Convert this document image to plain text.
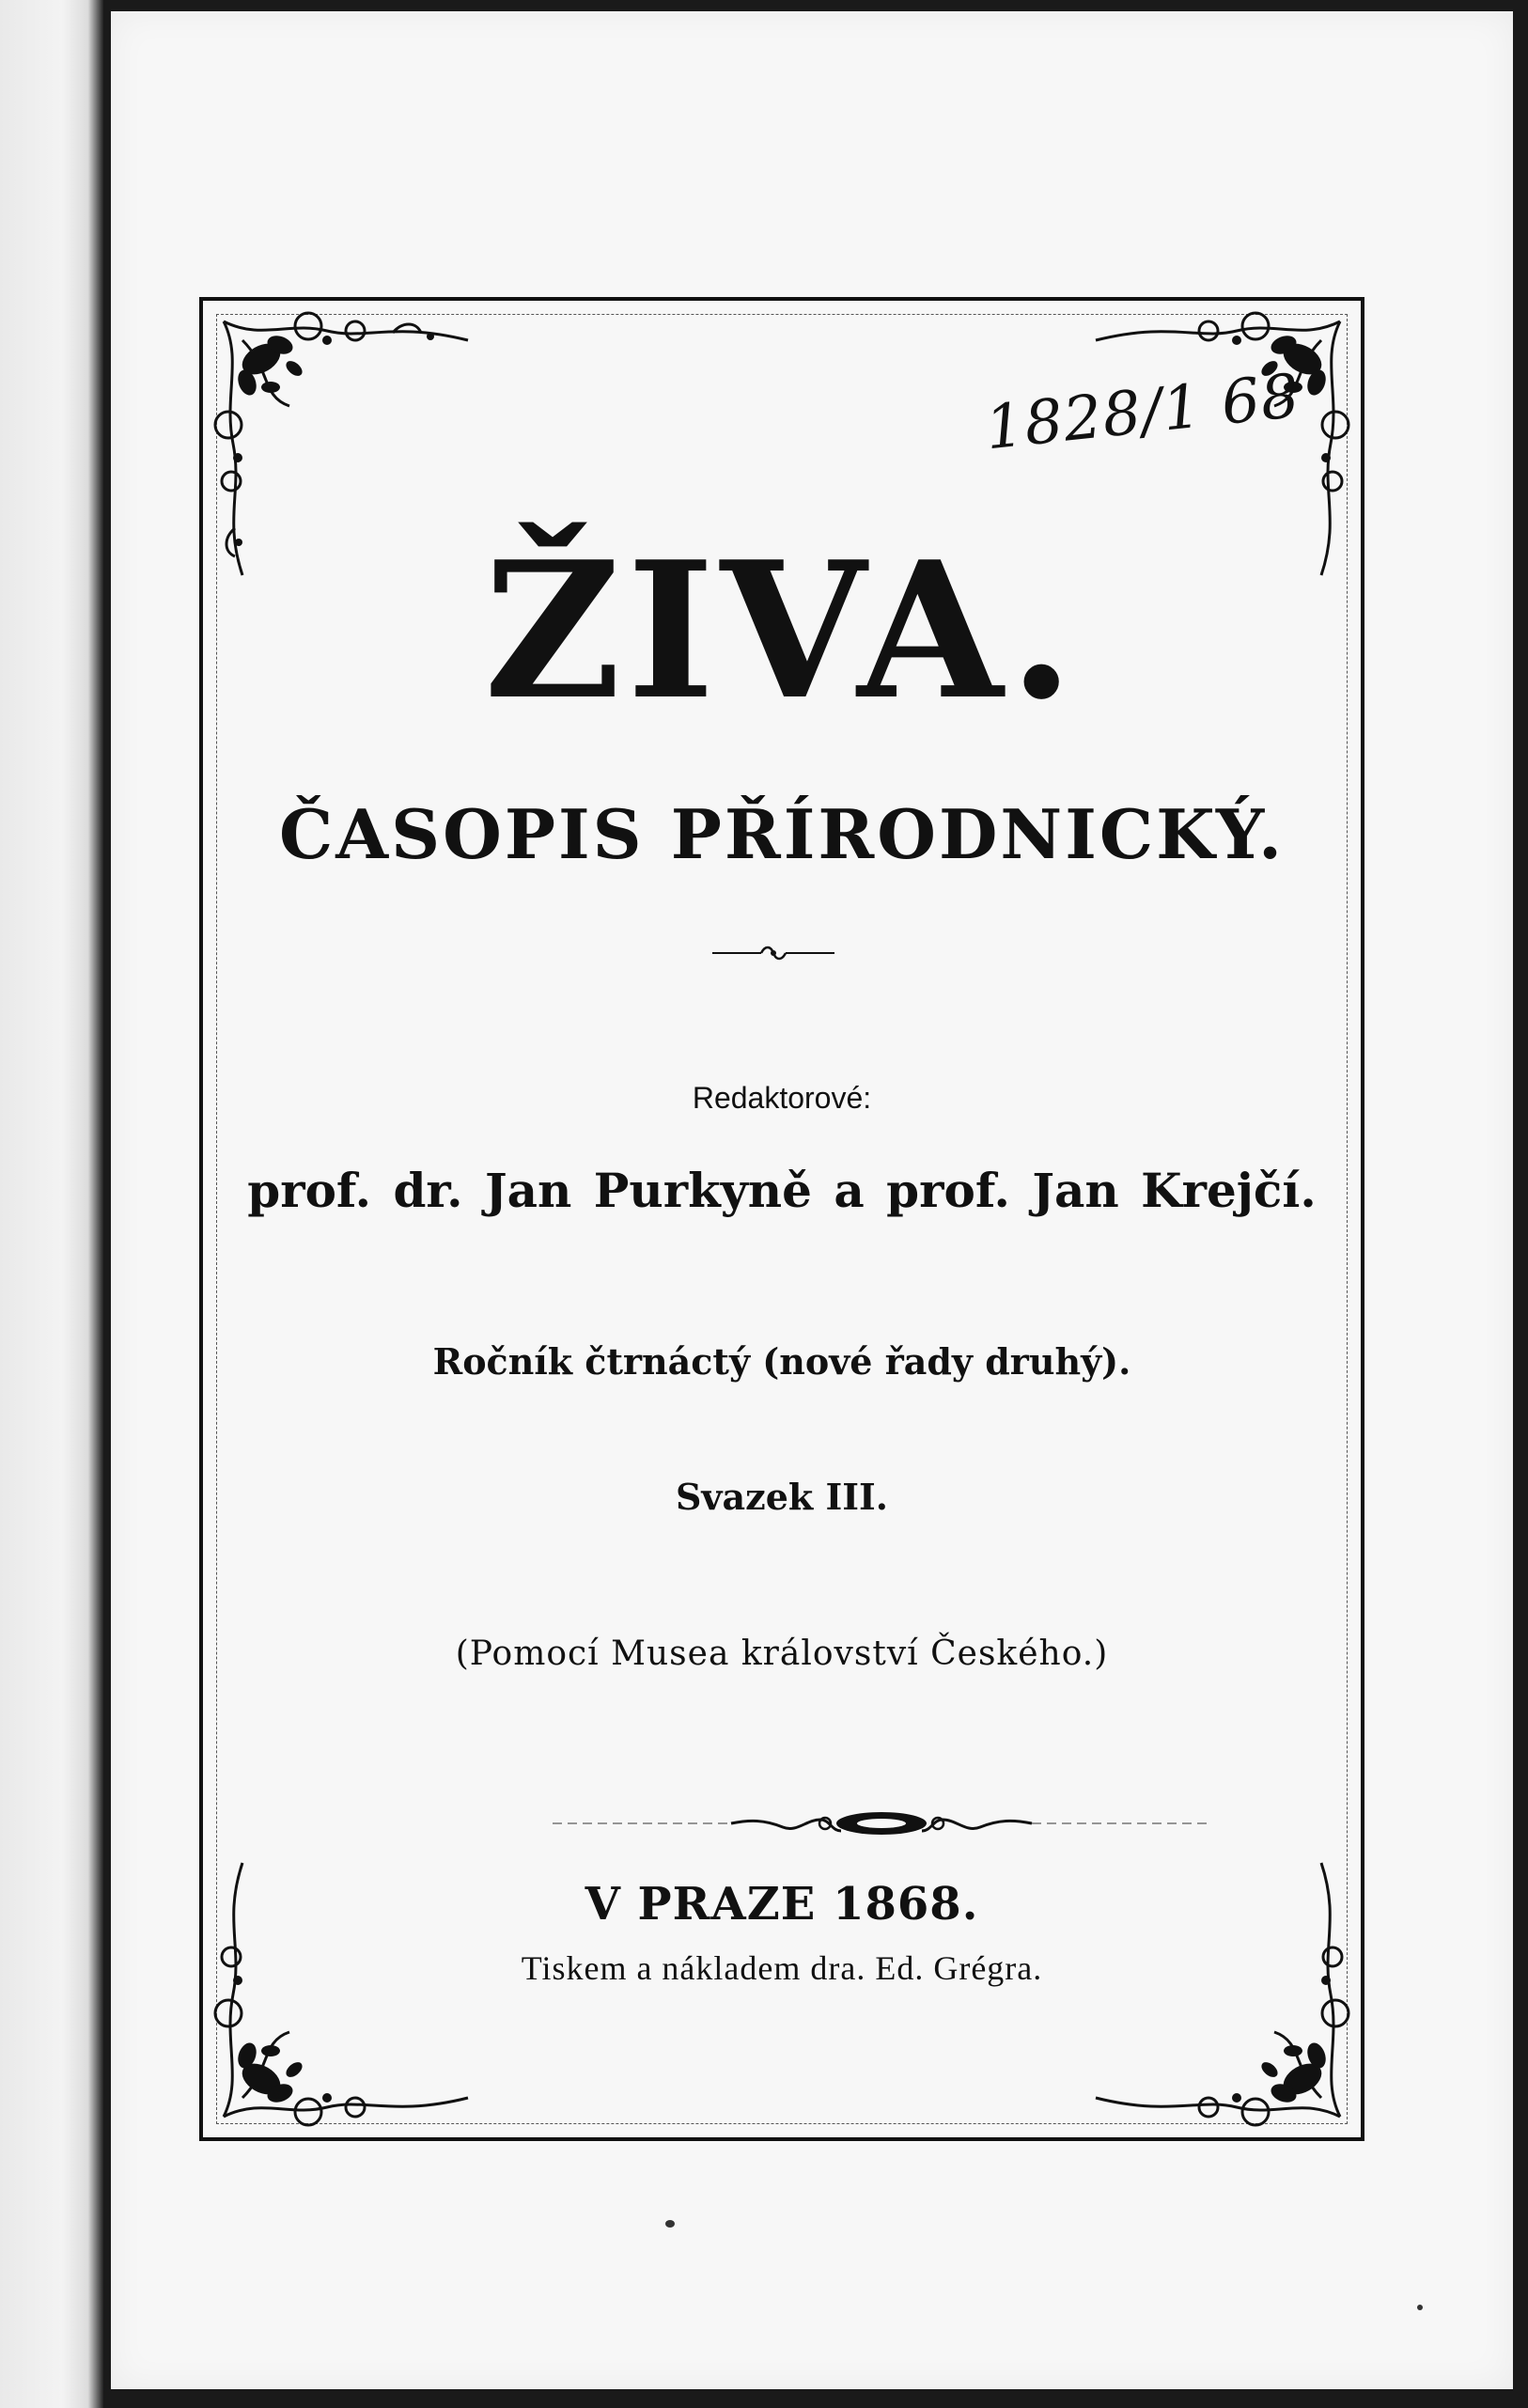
1828/1 68
ŽIVA.
ČASOPIS PŘÍRODNICKÝ.
Redaktorové:
prof. dr. Jan Purkyně a prof. Jan Krejčí.
Ročník čtrnáctý (nové řady druhý).
Svazek III.
(Pomocí Musea království Českého.)
V PRAZE 1868.
Tiskem a nákladem dra. Ed. Grégra.
